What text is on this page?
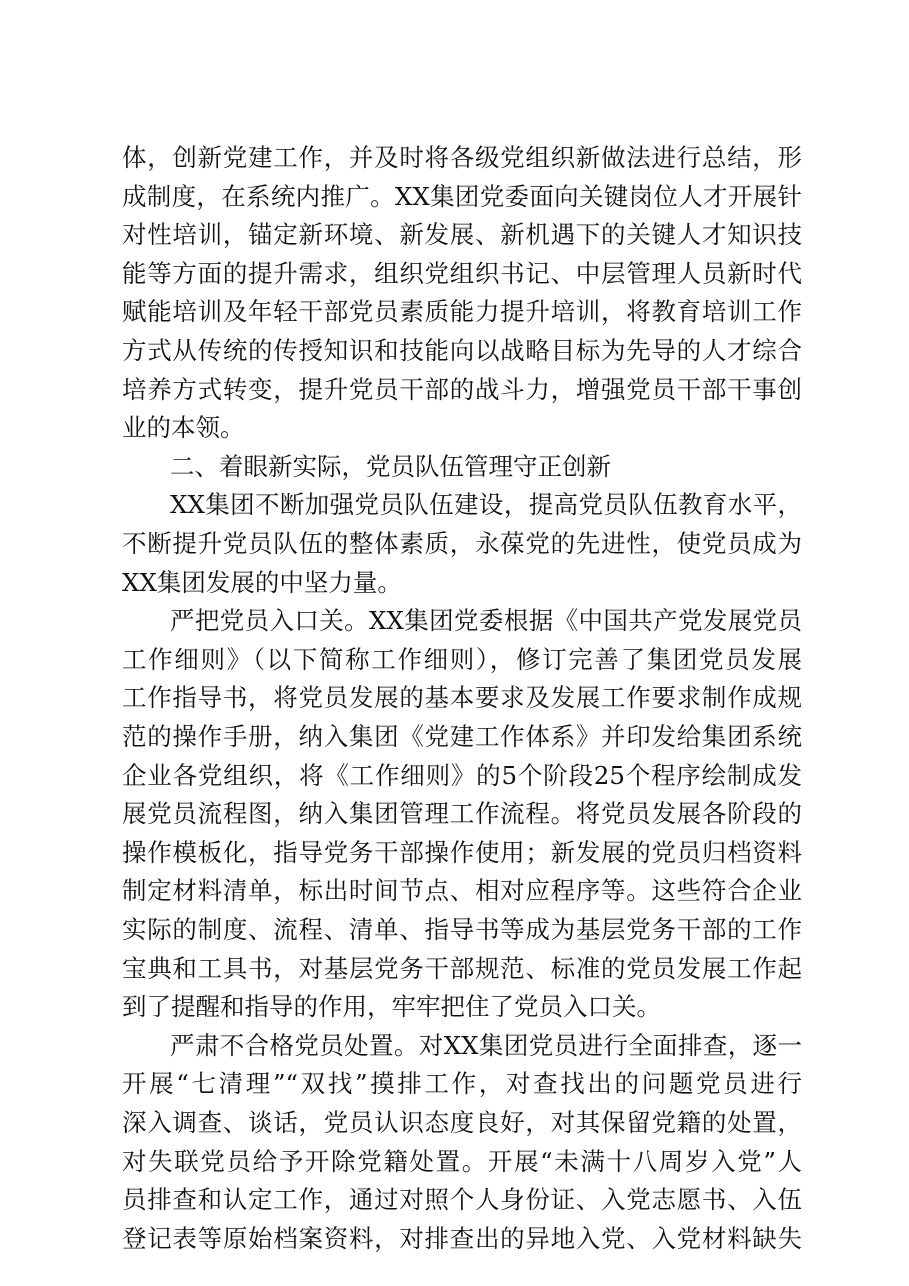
体，创新党建工作，并及时将各级党组织新做法进行总结，形
成制度，在系统内推广。XX集团党委面向关键岗位人才开展针
对性培训，锚定新环境、新发展、新机遇下的关键人才知识技
能等方面的提升需求，组织党组织书记、中层管理人员新时代
赋能培训及年轻干部党员素质能力提升培训，将教育培训工作
方式从传统的传授知识和技能向以战略目标为先导的人才综合
培养方式转变，提升党员干部的战斗力，增强党员干部干事创
业的本领。
二、着眼新实际，党员队伍管理守正创新
XX集团不断加强党员队伍建设，提高党员队伍教育水平，
不断提升党员队伍的整体素质，永葆党的先进性，使党员成为
XX集团发展的中坚力量。
严把党员入口关。XX集团党委根据《中国共产党发展党员
工作细则》（以下简称工作细则），修订完善了集团党员发展
工作指导书，将党员发展的基本要求及发展工作要求制作成规
范的操作手册，纳入集团《党建工作体系》并印发给集团系统
企业各党组织，将《工作细则》的5个阶段25个程序绘制成发
展党员流程图，纳入集团管理工作流程。将党员发展各阶段的
操作模板化，指导党务干部操作使用；新发展的党员归档资料
制定材料清单，标出时间节点、相对应程序等。这些符合企业
实际的制度、流程、清单、指导书等成为基层党务干部的工作
宝典和工具书，对基层党务干部规范、标准的党员发展工作起
到了提醒和指导的作用，牢牢把住了党员入口关。
严肃不合格党员处置。对XX集团党员进行全面排查，逐一
开展“七清理”“双找”摸排工作，对查找出的问题党员进行
深入调查、谈话，党员认识态度良好，对其保留党籍的处置，
对失联党员给予开除党籍处置。开展“未满十八周岁入党”人
员排查和认定工作，通过对照个人身份证、入党志愿书、入伍
登记表等原始档案资料，对排查出的异地入党、入党材料缺失
